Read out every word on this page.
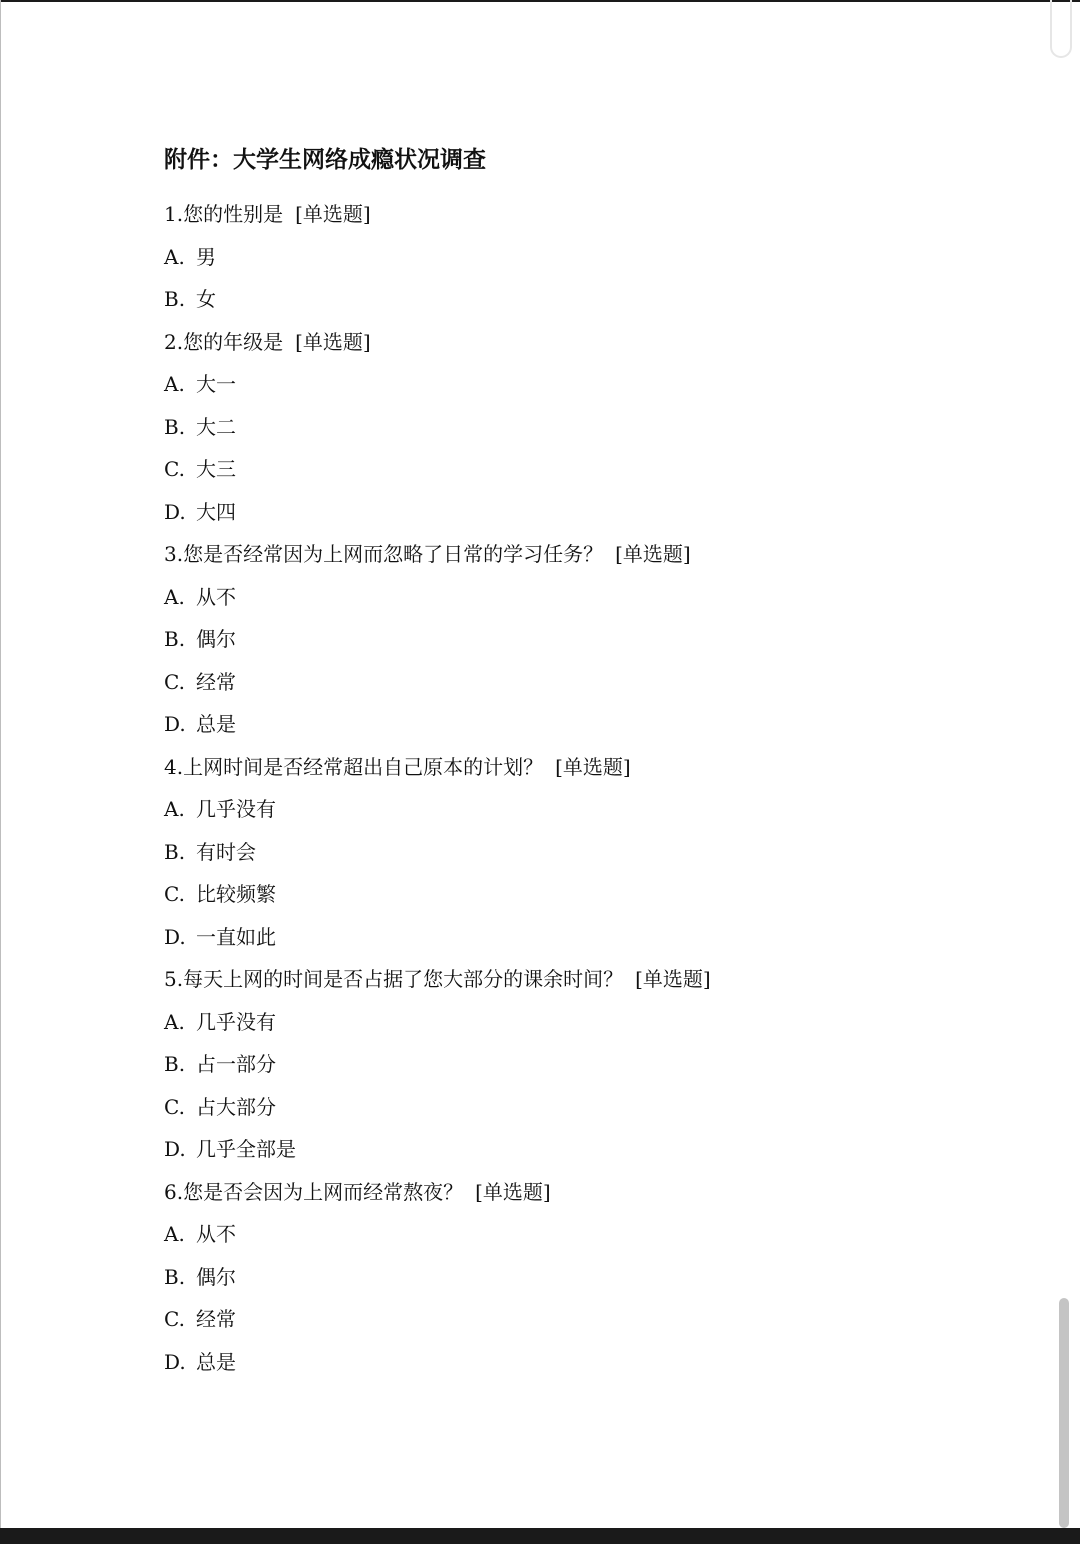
附件：大学生网络成瘾状况调查
1.您的性别是 [单选题]
A. 男
B. 女
2.您的年级是 [单选题]
A. 大一
B. 大二
C. 大三
D. 大四
3.您是否经常因为上网而忽略了日常的学习任务？ [单选题]
A. 从不
B. 偶尔
C. 经常
D. 总是
4.上网时间是否经常超出自己原本的计划？ [单选题]
A. 几乎没有
B. 有时会
C. 比较频繁
D. 一直如此
5.每天上网的时间是否占据了您大部分的课余时间？ [单选题]
A. 几乎没有
B. 占一部分
C. 占大部分
D. 几乎全部是
6.您是否会因为上网而经常熬夜？ [单选题]
A. 从不
B. 偶尔
C. 经常
D. 总是
